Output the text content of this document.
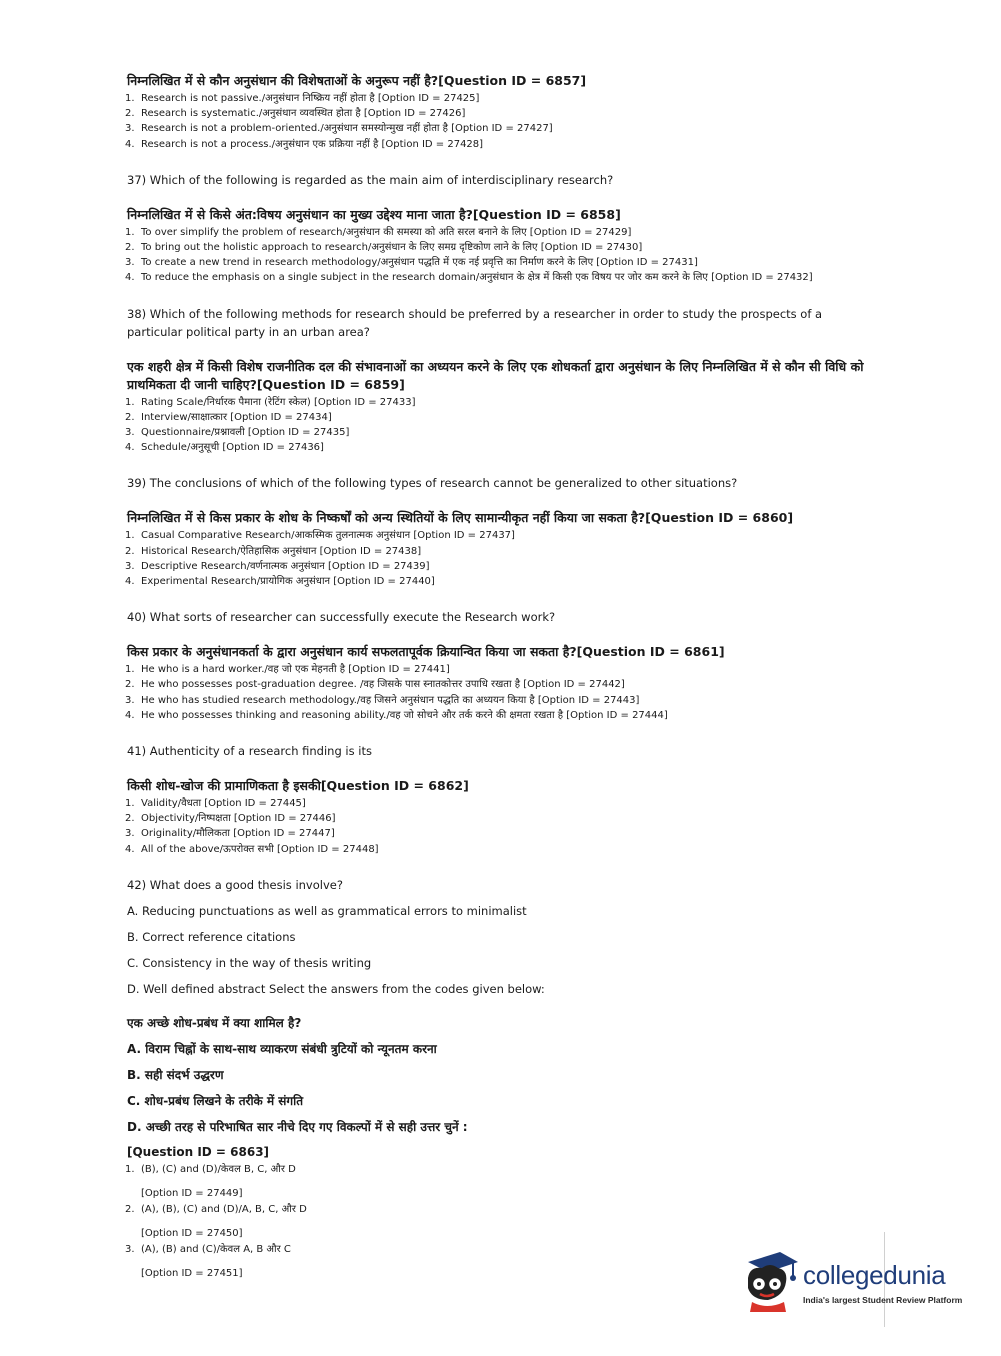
निम्नलिखित में से कौन अनुसंधान की विशेषताओं के अनुरूप नहीं है?[Question ID = 6857]
1. Research is not passive./अनुसंधान निष्क्रिय नहीं होता है [Option ID = 27425]
2. Research is systematic./अनुसंधान व्यवस्थित होता है [Option ID = 27426]
3. Research is not a problem-oriented./अनुसंधान समस्योन्मुख नहीं होता है [Option ID = 27427]
4. Research is not a process./अनुसंधान एक प्रक्रिया नहीं है [Option ID = 27428]
37) Which of the following is regarded as the main aim of interdisciplinary research?
निम्नलिखित में से किसे अंत:विषय अनुसंधान का मुख्य उद्देश्य माना जाता है?[Question ID = 6858]
1. To over simplify the problem of research/अनुसंधान की समस्या को अति सरल बनाने के लिए [Option ID = 27429]
2. To bring out the holistic approach to research/अनुसंधान के लिए समग्र दृष्टिकोण लाने के लिए [Option ID = 27430]
3. To create a new trend in research methodology/अनुसंधान पद्धति में एक नई प्रवृत्ति का निर्माण करने के लिए [Option ID = 27431]
4. To reduce the emphasis on a single subject in the research domain/अनुसंधान के क्षेत्र में किसी एक विषय पर जोर कम करने के लिए [Option ID = 27432]
38) Which of the following methods for research should be preferred by a researcher in order to study the prospects of a particular political party in an urban area?
एक शहरी क्षेत्र में किसी विशेष राजनीतिक दल की संभावनाओं का अध्ययन करने के लिए एक शोधकर्ता द्वारा अनुसंधान के लिए निम्नलिखित में से कौन सी विधि को प्राथमिकता दी जानी चाहिए?[Question ID = 6859]
1. Rating Scale/निर्धारक पैमाना (रेटिंग स्केल) [Option ID = 27433]
2. Interview/साक्षात्कार [Option ID = 27434]
3. Questionnaire/प्रश्नावली [Option ID = 27435]
4. Schedule/अनुसूची [Option ID = 27436]
39) The conclusions of which of the following types of research cannot be generalized to other situations?
निम्नलिखित में से किस प्रकार के शोध के निष्कर्षों को अन्य स्थितियों के लिए सामान्यीकृत नहीं किया जा सकता है?[Question ID = 6860]
1. Casual Comparative Research/आकस्मिक तुलनात्मक अनुसंधान [Option ID = 27437]
2. Historical Research/ऐतिहासिक अनुसंधान [Option ID = 27438]
3. Descriptive Research/वर्णनात्मक अनुसंधान [Option ID = 27439]
4. Experimental Research/प्रायोगिक अनुसंधान [Option ID = 27440]
40) What sorts of researcher can successfully execute the Research work?
किस प्रकार के अनुसंधानकर्ता के द्वारा अनुसंधान कार्य सफलतापूर्वक क्रियान्वित किया जा सकता है?[Question ID = 6861]
1. He who is a hard worker./वह जो एक मेहनती है [Option ID = 27441]
2. He who possesses post-graduation degree. /वह जिसके पास स्नातकोत्तर उपाधि रखता है [Option ID = 27442]
3. He who has studied research methodology./वह जिसने अनुसंधान पद्धति का अध्ययन किया है [Option ID = 27443]
4. He who possesses thinking and reasoning ability./वह जो सोचने और तर्क करने की क्षमता रखता है [Option ID = 27444]
41) Authenticity of a research finding is its
किसी शोध-खोज की प्रामाणिकता है इसकी[Question ID = 6862]
1. Validity/वैधता [Option ID = 27445]
2. Objectivity/निष्पक्षता [Option ID = 27446]
3. Originality/मौलिकता [Option ID = 27447]
4. All of the above/ऊपरोक्त सभी [Option ID = 27448]
42) What does a good thesis involve?
A. Reducing punctuations as well as grammatical errors to minimalist
B. Correct reference citations
C. Consistency in the way of thesis writing
D. Well defined abstract Select the answers from the codes given below:
एक अच्छे शोध-प्रबंध में क्या शामिल है?
A. विराम चिह्नों के साथ-साथ व्याकरण संबंधी त्रुटियों को न्यूनतम करना
B. सही संदर्भ उद्धरण
C. शोध-प्रबंध लिखने के तरीके में संगति
D. अच्छी तरह से परिभाषित सार नीचे दिए गए विकल्पों में से सही उत्तर चुनें :
[Question ID = 6863]
1. (B), (C) and (D)/केवल B, C, और D
[Option ID = 27449]
2. (A), (B), (C) and (D)/A, B, C, और D
[Option ID = 27450]
3. (A), (B) and (C)/केवल A, B और C
[Option ID = 27451]	collegedunia
India's largest Student Review Platform
